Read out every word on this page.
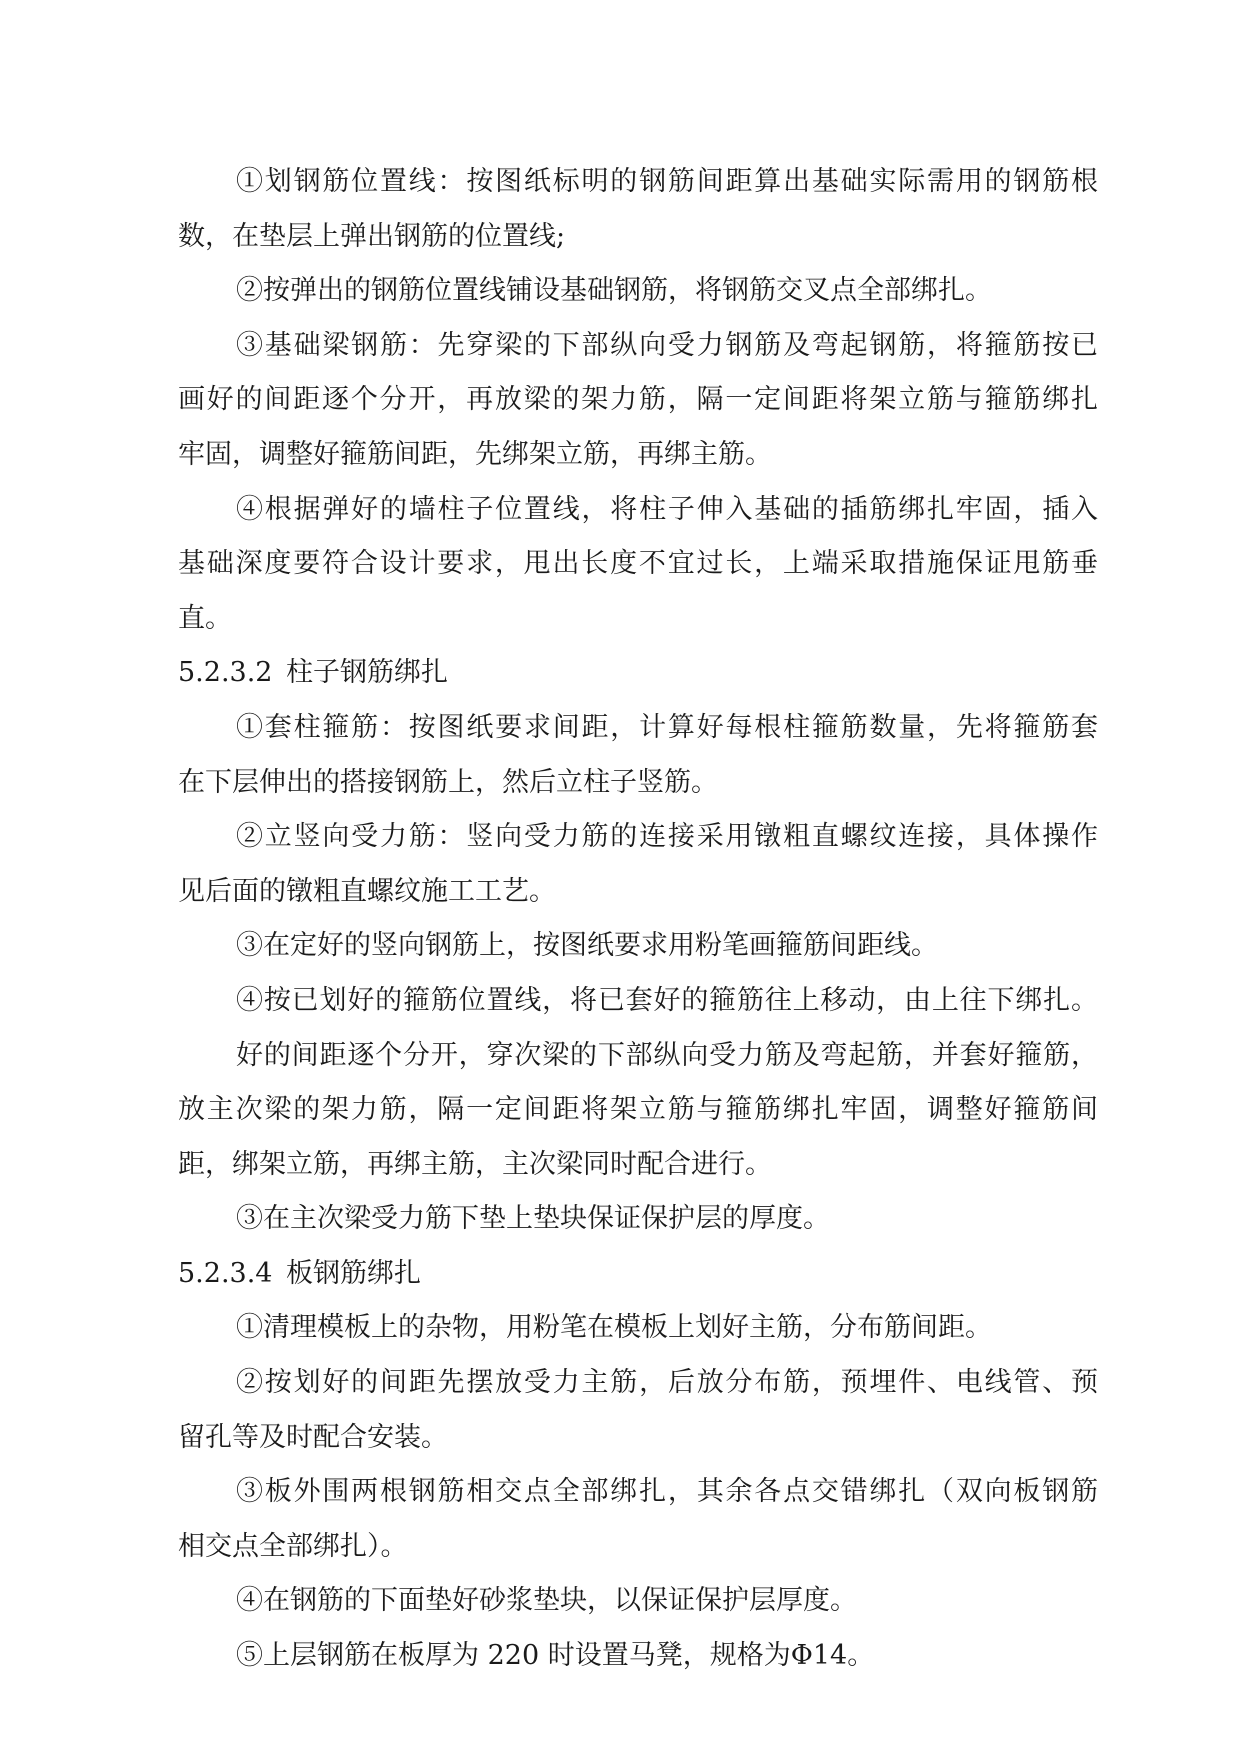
①划钢筋位置线：按图纸标明的钢筋间距算出基础实际需用的钢筋根
数，在垫层上弹出钢筋的位置线;
②按弹出的钢筋位置线铺设基础钢筋，将钢筋交叉点全部绑扎。
③基础梁钢筋：先穿梁的下部纵向受力钢筋及弯起钢筋，将箍筋按已
画好的间距逐个分开，再放梁的架力筋，隔一定间距将架立筋与箍筋绑扎
牢固，调整好箍筋间距，先绑架立筋，再绑主筋。
④根据弹好的墙柱子位置线，将柱子伸入基础的插筋绑扎牢固，插入
基础深度要符合设计要求，甩出长度不宜过长，上端采取措施保证甩筋垂
直。
5.2.3.2 柱子钢筋绑扎
①套柱箍筋：按图纸要求间距，计算好每根柱箍筋数量，先将箍筋套
在下层伸出的搭接钢筋上，然后立柱子竖筋。
②立竖向受力筋：竖向受力筋的连接采用镦粗直螺纹连接，具体操作
见后面的镦粗直螺纹施工工艺。
③在定好的竖向钢筋上，按图纸要求用粉笔画箍筋间距线。
④按已划好的箍筋位置线，将已套好的箍筋往上移动，由上往下绑扎。
好的间距逐个分开，穿次梁的下部纵向受力筋及弯起筋，并套好箍筋，
放主次梁的架力筋，隔一定间距将架立筋与箍筋绑扎牢固，调整好箍筋间
距，绑架立筋，再绑主筋，主次梁同时配合进行。
③在主次梁受力筋下垫上垫块保证保护层的厚度。
5.2.3.4 板钢筋绑扎
①清理模板上的杂物，用粉笔在模板上划好主筋，分布筋间距。
②按划好的间距先摆放受力主筋，后放分布筋，预埋件、电线管、预
留孔等及时配合安装。
③板外围两根钢筋相交点全部绑扎，其余各点交错绑扎（双向板钢筋
相交点全部绑扎）。
④在钢筋的下面垫好砂浆垫块，以保证保护层厚度。
⑤上层钢筋在板厚为 220 时设置马凳，规格为Φ14。
